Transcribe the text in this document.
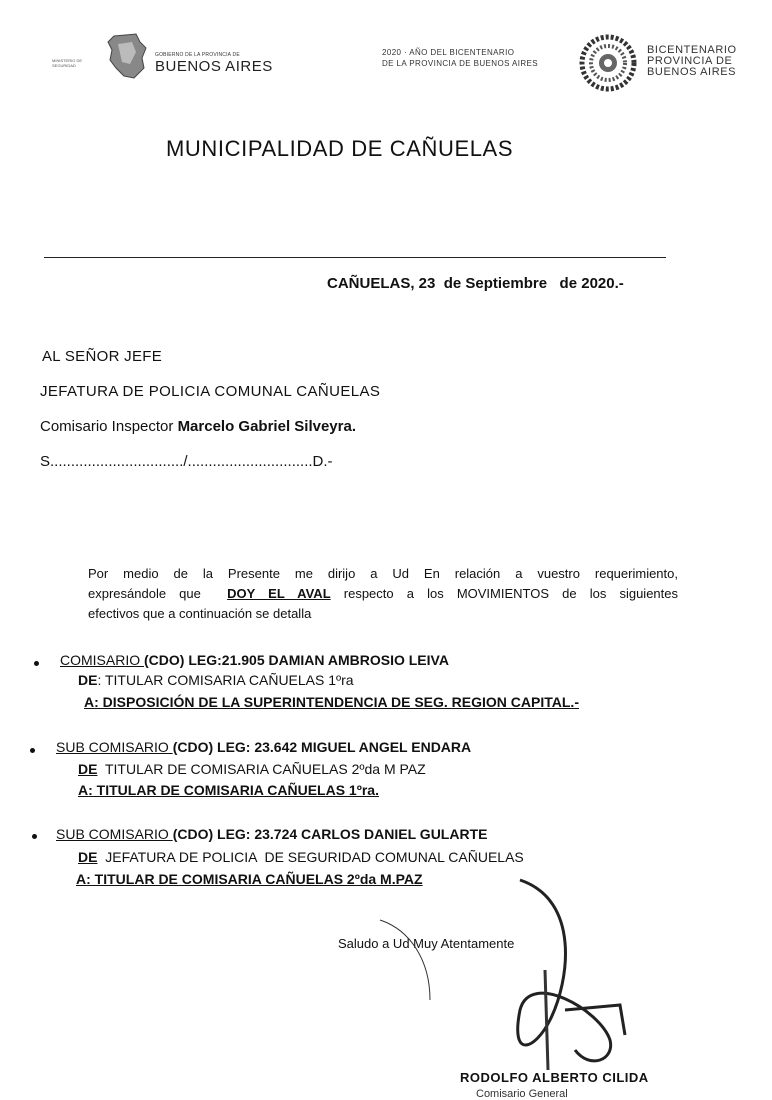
MINISTERIO DE SEGURIDAD
GOBIERNO DE LA PROVINCIA DE
BUENOS AIRES
2020 · AÑO DEL BICENTENARIO
DE LA PROVINCIA DE BUENOS AIRES
BICENTENARIO
PROVINCIA DE
BUENOS AIRES
MUNICIPALIDAD DE CAÑUELAS
CAÑUELAS, 23  de Septiembre   de 2020.-
AL SEÑOR JEFE
JEFATURA DE POLICIA COMUNAL CAÑUELAS
Comisario Inspector Marcelo Gabriel Silveyra.
S................................/..............................D.-
Por medio de la Presente me dirijo a Ud En relación a vuestro requerimiento,
expresándole que  DOY EL AVAL respecto a los MOVIMIENTOS de los siguientes
efectivos que a continuación se detalla
COMISARIO (CDO) LEG:21.905 DAMIAN AMBROSIO LEIVA
DE: TITULAR COMISARIA CAÑUELAS 1ºra
A: DISPOSICIÓN DE LA SUPERINTENDENCIA DE SEG. REGION CAPITAL.-
SUB COMISARIO (CDO) LEG: 23.642 MIGUEL ANGEL ENDARA
DE  TITULAR DE COMISARIA CAÑUELAS 2ºda M PAZ
A: TITULAR DE COMISARIA CAÑUELAS 1ºra.
SUB COMISARIO (CDO) LEG: 23.724 CARLOS DANIEL GULARTE
DE  JEFATURA DE POLICIA  DE SEGURIDAD COMUNAL CAÑUELAS
A: TITULAR DE COMISARIA CAÑUELAS 2ºda M.PAZ
Saludo a Ud Muy Atentamente
RODOLFO ALBERTO CILIDA
Comisario General
